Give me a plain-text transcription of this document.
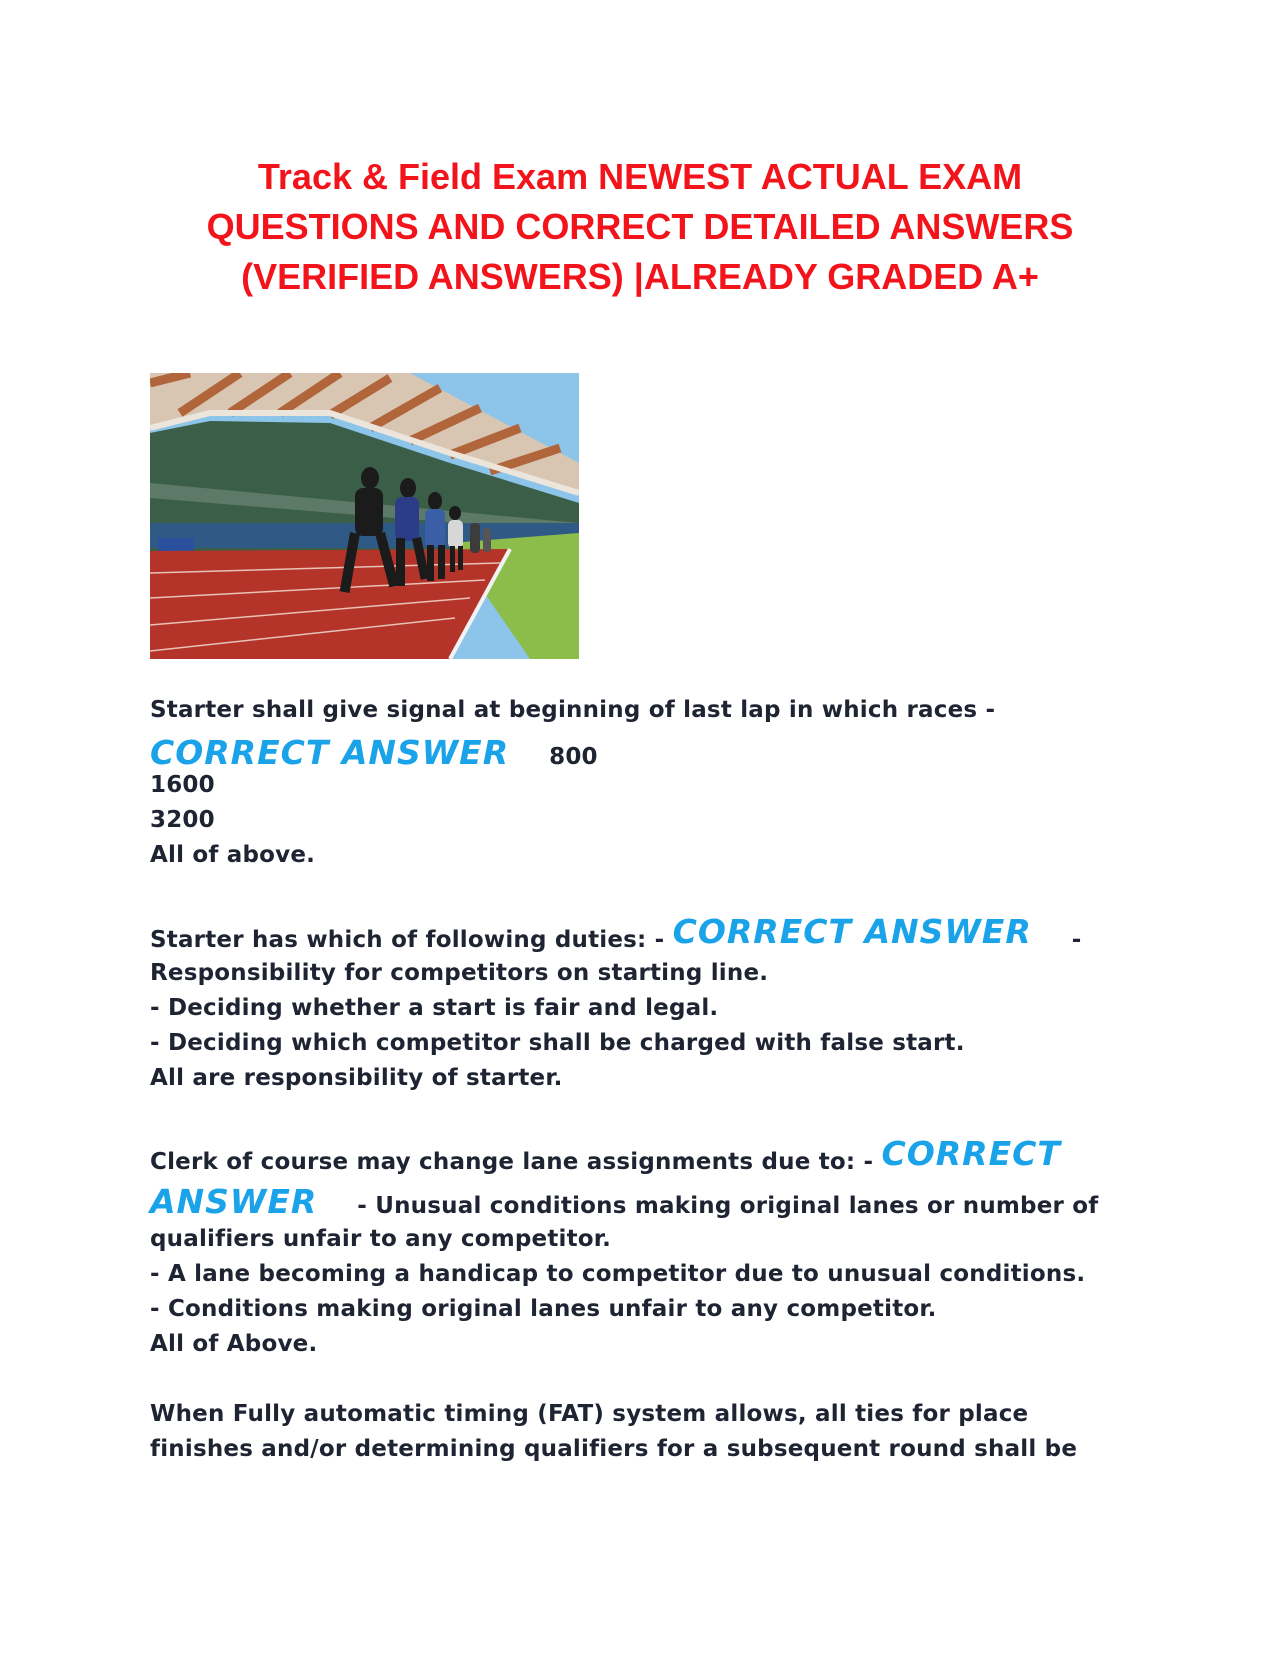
Track & Field Exam NEWEST ACTUAL EXAM
QUESTIONS AND CORRECT DETAILED ANSWERS
(VERIFIED ANSWERS) |ALREADY GRADED A+
Starter shall give signal at beginning of last lap in which races -
CORRECT ANSWER 800
1600
3200
All of above.
Starter has which of following duties: - CORRECT ANSWER -
Responsibility for competitors on starting line.
- Deciding whether a start is fair and legal.
- Deciding which competitor shall be charged with false start.
All are responsibility of starter.
Clerk of course may change lane assignments due to: - CORRECT
ANSWER - Unusual conditions making original lanes or number of
qualifiers unfair to any competitor.
- A lane becoming a handicap to competitor due to unusual conditions.
- Conditions making original lanes unfair to any competitor.
All of Above.
When Fully automatic timing (FAT) system allows, all ties for place
finishes and/or determining qualifiers for a subsequent round shall be
